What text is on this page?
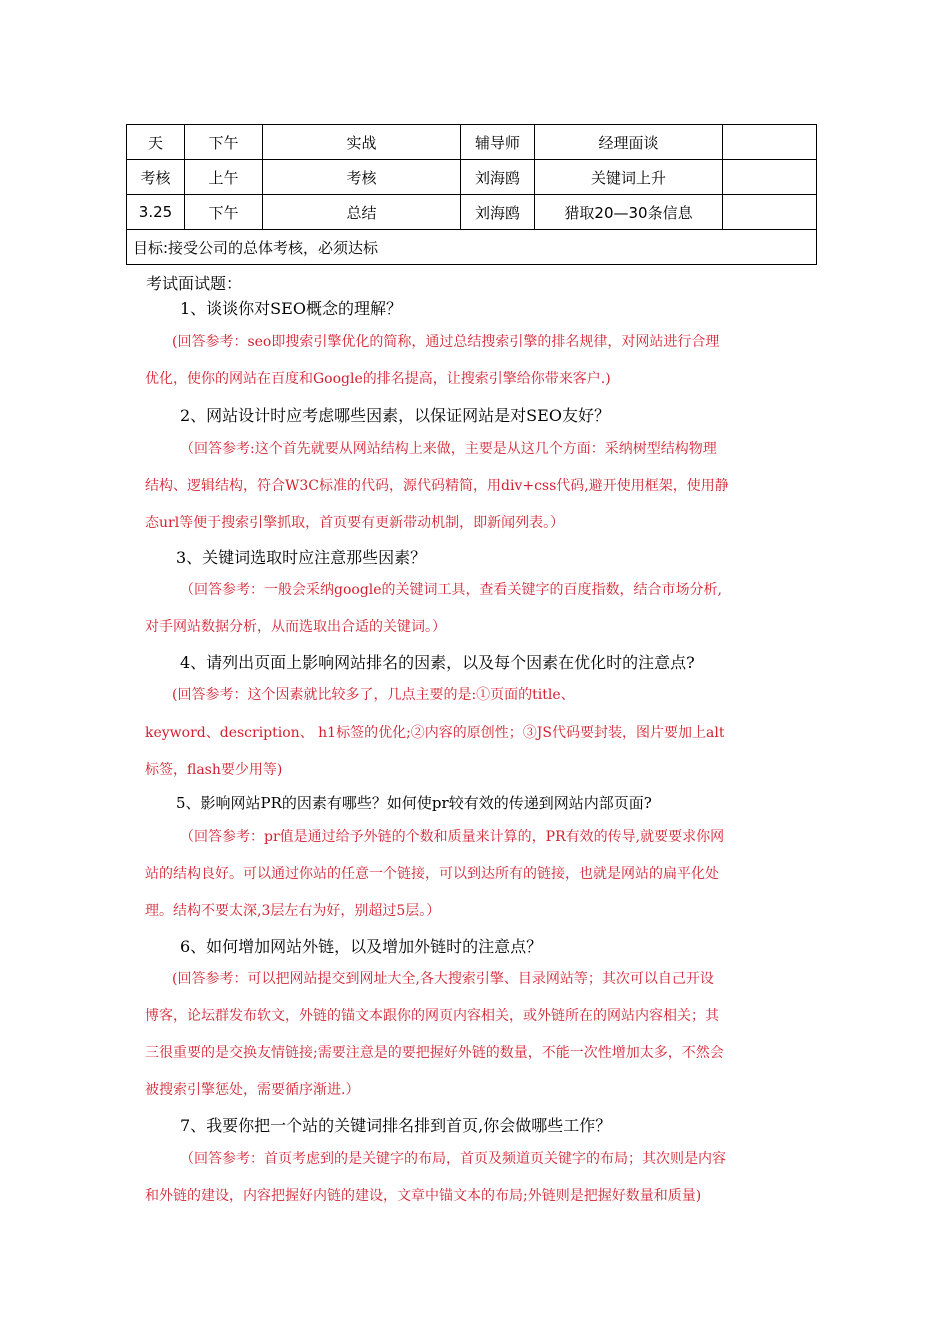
天	下午	实战	辅导师	经理面谈	
考核	上午	考核	刘海鸥	关键词上升	
3.25	下午	总结	刘海鸥	猎取20—30条信息	
目标:接受公司的总体考核，必须达标					
考试面试题：
1、谈谈你对SEO概念的理解？
(回答参考：seo即搜索引擎优化的简称，通过总结搜索引擎的排名规律，对网站进行合理
优化，使你的网站在百度和Google的排名提高，让搜索引擎给你带来客户.)
2、网站设计时应考虑哪些因素，以保证网站是对SEO友好？
（回答参考:这个首先就要从网站结构上来做，主要是从这几个方面：采纳树型结构物理
结构、逻辑结构，符合W3C标准的代码，源代码精简，用div+css代码,避开使用框架，使用静
态url等便于搜索引擎抓取，首页要有更新带动机制，即新闻列表。）
3、关键词选取时应注意那些因素？
（回答参考：一般会采纳google的关键词工具，查看关键字的百度指数，结合市场分析,
对手网站数据分析，从而选取出合适的关键词。）
4、请列出页面上影响网站排名的因素，以及每个因素在优化时的注意点?
(回答参考：这个因素就比较多了，几点主要的是:①页面的title、
keyword、description、 h1标签的优化;②内容的原创性；③JS代码要封装，图片要加上alt
标签，flash要少用等)
5、影响网站PR的因素有哪些？如何使pr较有效的传递到网站内部页面?
（回答参考：pr值是通过给予外链的个数和质量来计算的，PR有效的传导,就要要求你网
站的结构良好。可以通过你站的任意一个链接，可以到达所有的链接，也就是网站的扁平化处
理。结构不要太深,3层左右为好，别超过5层。）
6、如何增加网站外链，以及增加外链时的注意点？
(回答参考：可以把网站提交到网址大全,各大搜索引擎、目录网站等；其次可以自己开设
博客，论坛群发布软文，外链的锚文本跟你的网页内容相关，或外链所在的网站内容相关；其
三很重要的是交换友情链接;需要注意是的要把握好外链的数量，不能一次性增加太多，不然会
被搜索引擎惩处，需要循序渐进.）
7、我要你把一个站的关键词排名排到首页,你会做哪些工作？
（回答参考：首页考虑到的是关键字的布局，首页及频道页关键字的布局；其次则是内容
和外链的建设，内容把握好内链的建设，文章中锚文本的布局;外链则是把握好数量和质量)
